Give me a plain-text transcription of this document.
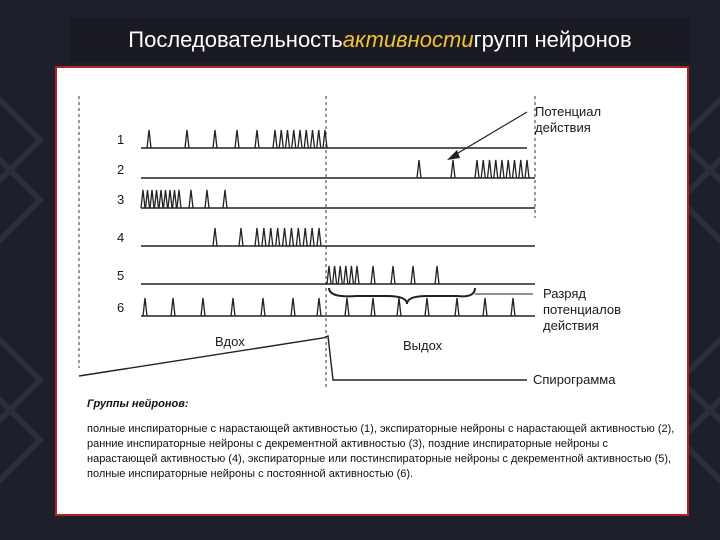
Последовательность активности групп нейронов
1
2
3
4
5
6
Потенциал
действия
Разряд
потенциалов
действия
Вдох	Выдох
Спирограмма
Группы нейронов:
полные инспираторные с нарастающей активностью (1), экспираторные нейроны с нарастающей активностью (2), ранние инспираторные нейроны с декрементной активностью (3), поздние инспираторные нейроны с нарастающей активностью (4), экспираторные или постинспираторные нейроны с декрементной активностью (5), полные инспираторные нейроны с постоянной активностью (6).
